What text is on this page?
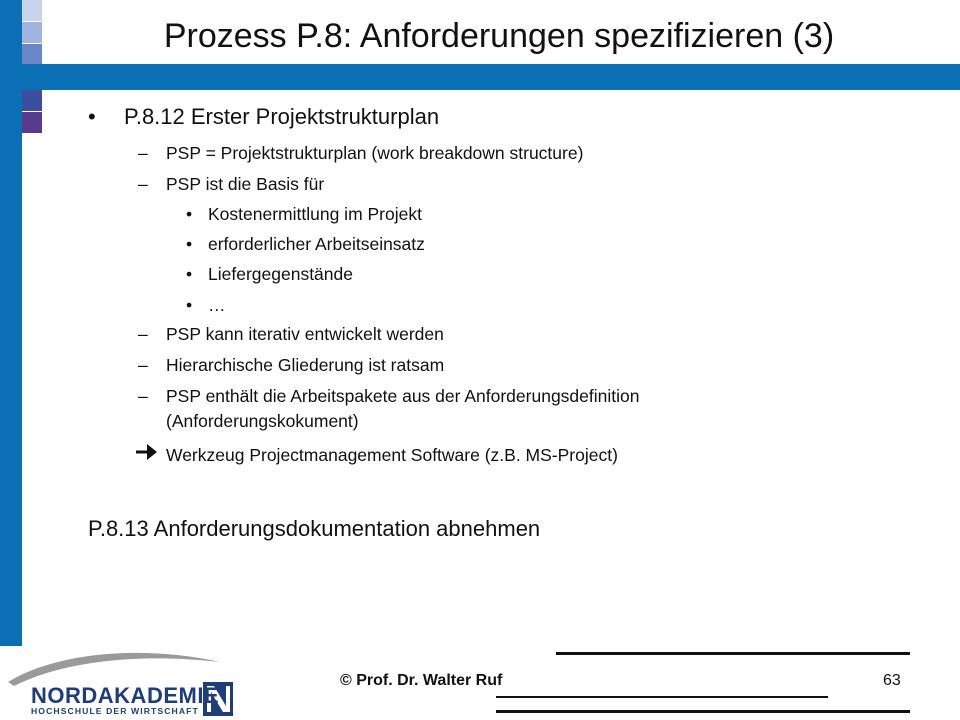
Prozess P.8: Anforderungen spezifizieren (3)
• P.8.12 Erster Projektstrukturplan
– PSP = Projektstrukturplan (work breakdown structure)
– PSP ist die Basis für
• Kostenermittlung im Projekt
• erforderlicher Arbeitseinsatz
• Liefergegenstände
• …
– PSP kann iterativ entwickelt werden
– Hierarchische Gliederung ist ratsam
– PSP enthält die Arbeitspakete aus der Anforderungsdefinition
(Anforderungskokument)
Werkzeug Projectmanagement Software (z.B. MS-Project)
P.8.13 Anforderungsdokumentation abnehmen
© Prof. Dr. Walter Ruf	63
NORDAKADEMIE
HOCHSCHULE DER WIRTSCHAFT
